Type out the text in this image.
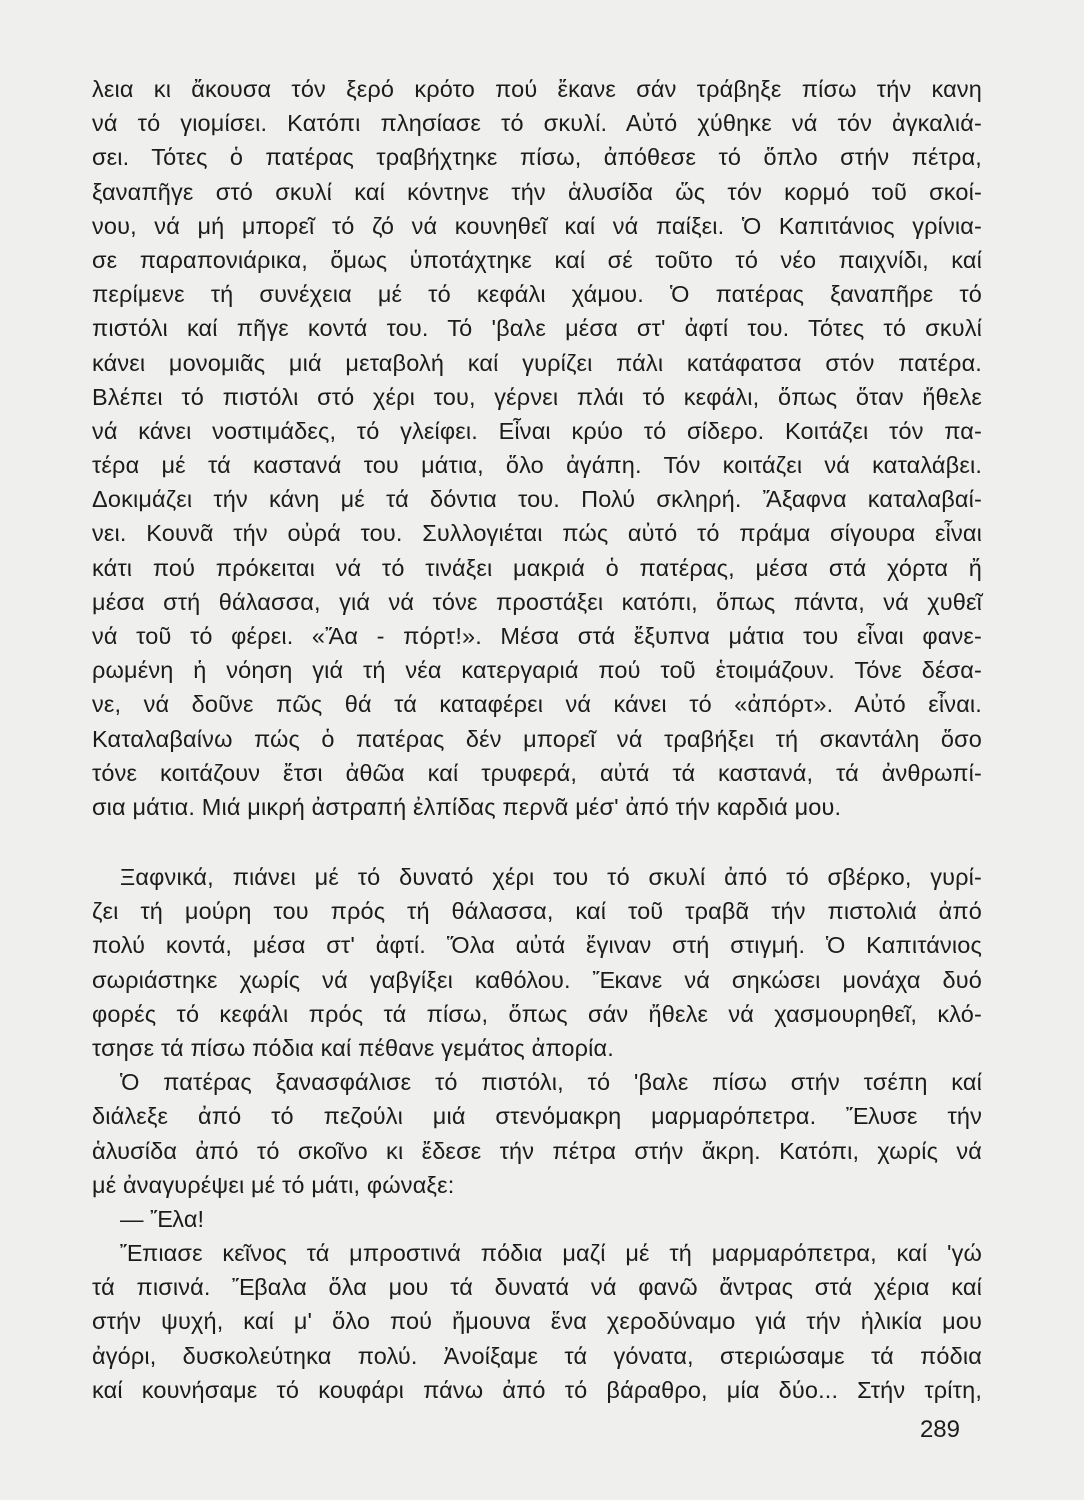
λεια κι ἄκουσα τόν ξερό κρότο πού ἔκανε σάν τράβηξε πίσω τήν κανη
νά τό γιομίσει. Κατόπι πλησίασε τό σκυλί. Αὐτό χύθηκε νά τόν ἀγκαλιά-
σει. Τότες ὁ πατέρας τραβήχτηκε πίσω, ἀπόθεσε τό ὅπλο στήν πέτρα,
ξαναπῆγε στό σκυλί καί κόντηνε τήν ἁλυσίδα ὥς τόν κορμό τοῦ σκοί-
νου, νά μή μπορεῖ τό ζό νά κουνηθεῖ καί νά παίξει. Ὁ Καπιτάνιος γρίνια-
σε παραπονιάρικα, ὅμως ὑποτάχτηκε καί σέ τοῦτο τό νέο παιχνίδι, καί
περίμενε τή συνέχεια μέ τό κεφάλι χάμου. Ὁ πατέρας ξαναπῆρε τό
πιστόλι καί πῆγε κοντά του. Τό 'βαλε μέσα στ' ἀφτί του. Τότες τό σκυλί
κάνει μονομιᾶς μιά μεταβολή καί γυρίζει πάλι κατάφατσα στόν πατέρα.
Βλέπει τό πιστόλι στό χέρι του, γέρνει πλάι τό κεφάλι, ὅπως ὅταν ἤθελε
νά κάνει νοστιμάδες, τό γλείφει. Εἶναι κρύο τό σίδερο. Κοιτάζει τόν πα-
τέρα μέ τά καστανά του μάτια, ὅλο ἀγάπη. Τόν κοιτάζει νά καταλάβει.
Δοκιμάζει τήν κάνη μέ τά δόντια του. Πολύ σκληρή. Ἄξαφνα καταλαβαί-
νει. Κουνᾶ τήν οὐρά του. Συλλογιέται πώς αὐτό τό πράμα σίγουρα εἶναι
κάτι πού πρόκειται νά τό τινάξει μακριά ὁ πατέρας, μέσα στά χόρτα ἤ
μέσα στή θάλασσα, γιά νά τόνε προστάξει κατόπι, ὅπως πάντα, νά χυθεῖ
νά τοῦ τό φέρει. «Ἄα - πόρτ!». Μέσα στά ἔξυπνα μάτια του εἶναι φανε-
ρωμένη ἡ νόηση γιά τή νέα κατεργαριά πού τοῦ ἑτοιμάζουν. Τόνε δέσα-
νε, νά δοῦνε πῶς θά τά καταφέρει νά κάνει τό «ἀπόρτ». Αὐτό εἶναι.
Καταλαβαίνω πώς ὁ πατέρας δέν μπορεῖ νά τραβήξει τή σκαντάλη ὅσο
τόνε κοιτάζουν ἔτσι ἀθῶα καί τρυφερά, αὐτά τά καστανά, τά ἀνθρωπί-
σια μάτια. Μιά μικρή ἀστραπή ἐλπίδας περνᾶ μέσ' ἀπό τήν καρδιά μου.
Ξαφνικά, πιάνει μέ τό δυνατό χέρι του τό σκυλί ἀπό τό σβέρκο, γυρί-
ζει τή μούρη του πρός τή θάλασσα, καί τοῦ τραβᾶ τήν πιστολιά ἀπό
πολύ κοντά, μέσα στ' ἀφτί. Ὅλα αὐτά ἔγιναν στή στιγμή. Ὁ Καπιτάνιος
σωριάστηκε χωρίς νά γαβγίξει καθόλου. Ἔκανε νά σηκώσει μονάχα δυό
φορές τό κεφάλι πρός τά πίσω, ὅπως σάν ἤθελε νά χασμουρηθεῖ, κλό-
τσησε τά πίσω πόδια καί πέθανε γεμάτος ἀπορία.
Ὁ πατέρας ξανασφάλισε τό πιστόλι, τό 'βαλε πίσω στήν τσέπη καί
διάλεξε ἀπό τό πεζούλι μιά στενόμακρη μαρμαρόπετρα. Ἔλυσε τήν
ἁλυσίδα ἀπό τό σκοῖνο κι ἔδεσε τήν πέτρα στήν ἄκρη. Κατόπι, χωρίς νά
μέ ἀναγυρέψει μέ τό μάτι, φώναξε:
— Ἔλα!
Ἔπιασε κεῖνος τά μπροστινά πόδια μαζί μέ τή μαρμαρόπετρα, καί 'γώ
τά πισινά. Ἔβαλα ὅλα μου τά δυνατά νά φανῶ ἄντρας στά χέρια καί
στήν ψυχή, καί μ' ὅλο πού ἤμουνα ἕνα χεροδύναμο γιά τήν ἡλικία μου
ἀγόρι, δυσκολεύτηκα πολύ. Ἀνοίξαμε τά γόνατα, στεριώσαμε τά πόδια
καί κουνήσαμε τό κουφάρι πάνω ἀπό τό βάραθρο, μία δύο... Στήν τρίτη,
289
